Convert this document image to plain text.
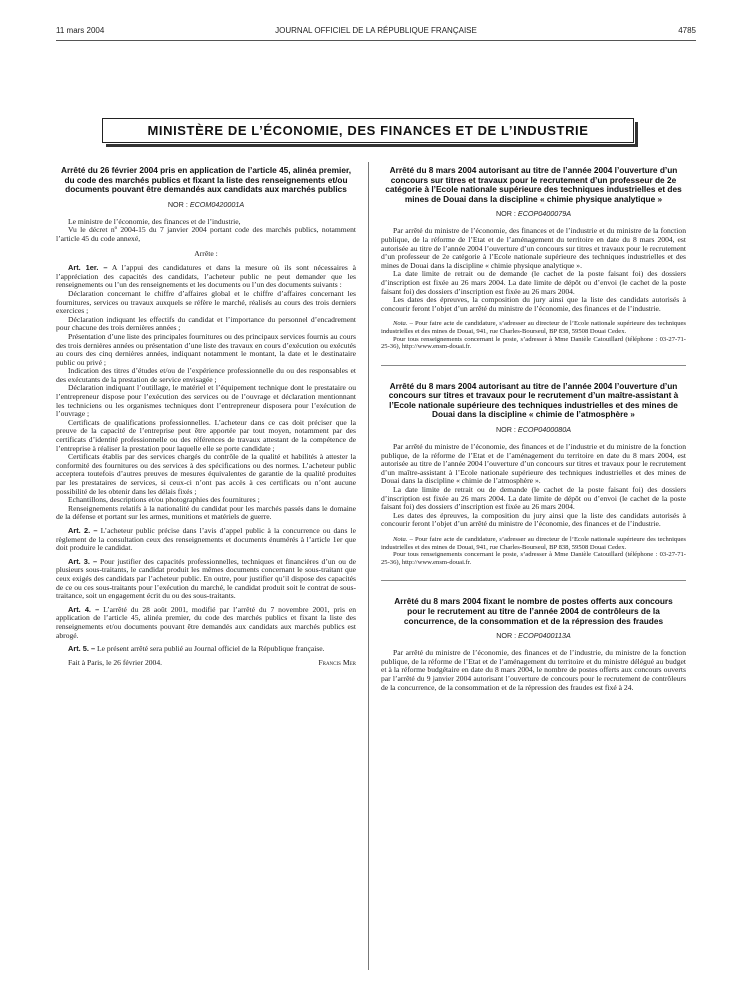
11 mars 2004	JOURNAL OFFICIEL DE LA RÉPUBLIQUE FRANÇAISE	4785
MINISTÈRE DE L’ÉCONOMIE, DES FINANCES ET DE L’INDUSTRIE
Arrêté du 26 février 2004 pris en application de l’article 45, alinéa premier, du code des marchés publics et fixant la liste des renseignements et/ou documents pouvant être demandés aux candidats aux marchés publics
NOR : ECOM0420001A

Le ministre de l’économie, des finances et de l’industrie,

Vu le décret nº 2004-15 du 7 janvier 2004 portant code des marchés publics, notamment l’article 45 du code annexé,

Arrête :

Art. 1er. – A l’appui des candidatures et dans la mesure où ils sont nécessaires à l’appréciation des capacités des candidats, l’acheteur public ne peut demander que les renseignements ou l’un des renseignements et les documents ou l’un des documents suivants :

Déclaration concernant le chiffre d’affaires global et le chiffre d’affaires concernant les fournitures, services ou travaux auxquels se réfère le marché, réalisés au cours des trois derniers exercices ;

Déclaration indiquant les effectifs du candidat et l’importance du personnel d’encadrement pour chacune des trois dernières années ;

Présentation d’une liste des principales fournitures ou des principaux services fournis au cours des trois dernières années ou présentation d’une liste des travaux en cours d’exécution ou exécutés au cours des cinq dernières années, indiquant notamment le montant, la date et le destinataire public ou privé ;

Indication des titres d’études et/ou de l’expérience professionnelle du ou des responsables et des exécutants de la prestation de service envisagée ;

Déclaration indiquant l’outillage, le matériel et l’équipement technique dont le prestataire ou l’entrepreneur dispose pour l’exécution des services ou de l’ouvrage et déclaration mentionnant les techniciens ou les organismes techniques dont l’entrepreneur disposera pour l’exécution de l’ouvrage ;

Certificats de qualifications professionnelles. L’acheteur dans ce cas doit préciser que la preuve de la capacité de l’entreprise peut être apportée par tout moyen, notamment par des certificats d’identité professionnelle ou des références de travaux attestant de la compétence de l’entreprise à réaliser la prestation pour laquelle elle se porte candidate ;

Certificats établis par des services chargés du contrôle de la qualité et habilités à attester la conformité des fournitures ou des services à des spécifications ou des normes. L’acheteur public acceptera toutefois d’autres preuves de mesures équivalentes de garantie de la qualité produites par les prestataires de services, si ceux-ci n’ont pas accès à ces certificats ou n’ont aucune possibilité de les obtenir dans les délais fixés ;

Echantillons, descriptions et/ou photographies des fournitures ;

Renseignements relatifs à la nationalité du candidat pour les marchés passés dans le domaine de la défense et portant sur les armes, munitions et matériels de guerre.

Art. 2. – L’acheteur public précise dans l’avis d’appel public à la concurrence ou dans le règlement de la consultation ceux des renseignements et documents énumérés à l’article 1er que doit produire le candidat.

Art. 3. – Pour justifier des capacités professionnelles, techniques et financières d’un ou de plusieurs sous-traitants, le candidat produit les mêmes documents concernant le sous-traitant que ceux exigés des candidats par l’acheteur public. En outre, pour justifier qu’il dispose des capacités de ce ou ces sous-traitants pour l’exécution du marché, le candidat produit soit le contrat de sous-traitance, soit un engagement écrit du ou des sous-traitants.

Art. 4. – L’arrêté du 28 août 2001, modifié par l’arrêté du 7 novembre 2001, pris en application de l’article 45, alinéa premier, du code des marchés publics et fixant la liste des renseignements et/ou documents pouvant être demandés aux candidats aux marchés publics est abrogé.

Art. 5. – Le présent arrêté sera publié au Journal officiel de la République française.

Fait à Paris, le 26 février 2004.	Francis Mer

Arrêté du 8 mars 2004 autorisant au titre de l’année 2004 l’ouverture d’un concours sur titres et travaux pour le recrutement d’un professeur de 2e catégorie à l’Ecole nationale supérieure des techniques industrielles et des mines de Douai dans la discipline « chimie physique analytique »
NOR : ECOP0400079A

Par arrêté du ministre de l’économie, des finances et de l’industrie et du ministre de la fonction publique, de la réforme de l’Etat et de l’aménagement du territoire en date du 8 mars 2004, est autorisée au titre de l’année 2004 l’ouverture d’un concours sur titres et travaux pour le recrutement d’un professeur de 2e catégorie à l’Ecole nationale supérieure des techniques industrielles et des mines de Douai dans la discipline « chimie physique analytique ».

La date limite de retrait ou de demande (le cachet de la poste faisant foi) des dossiers d’inscription est fixée au 26 mars 2004. La date limite de dépôt ou d’envoi (le cachet de la poste faisant foi) des dossiers d’inscription est fixée au 26 mars 2004.

Les dates des épreuves, la composition du jury ainsi que la liste des candidats autorisés à concourir feront l’objet d’un arrêté du ministre de l’économie, des finances et de l’industrie.

Nota. – Pour faire acte de candidature, s’adresser au directeur de l’Ecole nationale supérieure des techniques industrielles et des mines de Douai, 941, rue Charles-Bourseul, BP 838, 59508 Douai Cedex.

Pour tous renseignements concernant le poste, s’adresser à Mme Danièle Catouillard (téléphone : 03-27-71-25-36), http://www.ensm-douai.fr.

Arrêté du 8 mars 2004 autorisant au titre de l’année 2004 l’ouverture d’un concours sur titres et travaux pour le recrutement d’un maître-assistant à l’Ecole nationale supérieure des techniques industrielles et des mines de Douai dans la discipline « chimie de l’atmosphère »
NOR : ECOP0400080A

Par arrêté du ministre de l’économie, des finances et de l’industrie et du ministre de la fonction publique, de la réforme de l’Etat et de l’aménagement du territoire en date du 8 mars 2004, est autorisée au titre de l’année 2004 l’ouverture d’un concours sur titres et travaux pour le recrutement d’un maître-assistant à l’Ecole nationale supérieure des techniques industrielles et des mines de Douai dans la discipline « chimie de l’atmosphère ».

La date limite de retrait ou de demande (le cachet de la poste faisant foi) des dossiers d’inscription est fixée au 26 mars 2004. La date limite de dépôt ou d’envoi (le cachet de la poste faisant foi) des dossiers d’inscription est fixée au 26 mars 2004.

Les dates des épreuves, la composition du jury ainsi que la liste des candidats autorisés à concourir feront l’objet d’un arrêté du ministre de l’économie, des finances et de l’industrie.

Nota. – Pour faire acte de candidature, s’adresser au directeur de l’Ecole nationale supérieure des techniques industrielles et des mines de Douai, 941, rue Charles-Bourseul, BP 838, 59508 Douai Cedex.

Pour tous renseignements concernant le poste, s’adresser à Mme Danièle Catouillard (téléphone : 03-27-71-25-36), http://www.ensm-douai.fr.

Arrêté du 8 mars 2004 fixant le nombre de postes offerts aux concours pour le recrutement au titre de l’année 2004 de contrôleurs de la concurrence, de la consommation et de la répression des fraudes
NOR : ECOP0400113A

Par arrêté du ministre de l’économie, des finances et de l’industrie, du ministre de la fonction publique, de la réforme de l’Etat et de l’aménagement du territoire et du ministre délégué au budget et à la réforme budgétaire en date du 8 mars 2004, le nombre de postes offerts aux concours ouverts par l’arrêté du 9 janvier 2004 autorisant l’ouverture de concours pour le recrutement de contrôleurs de la concurrence, de la consommation et de la répression des fraudes est fixé à 24.
